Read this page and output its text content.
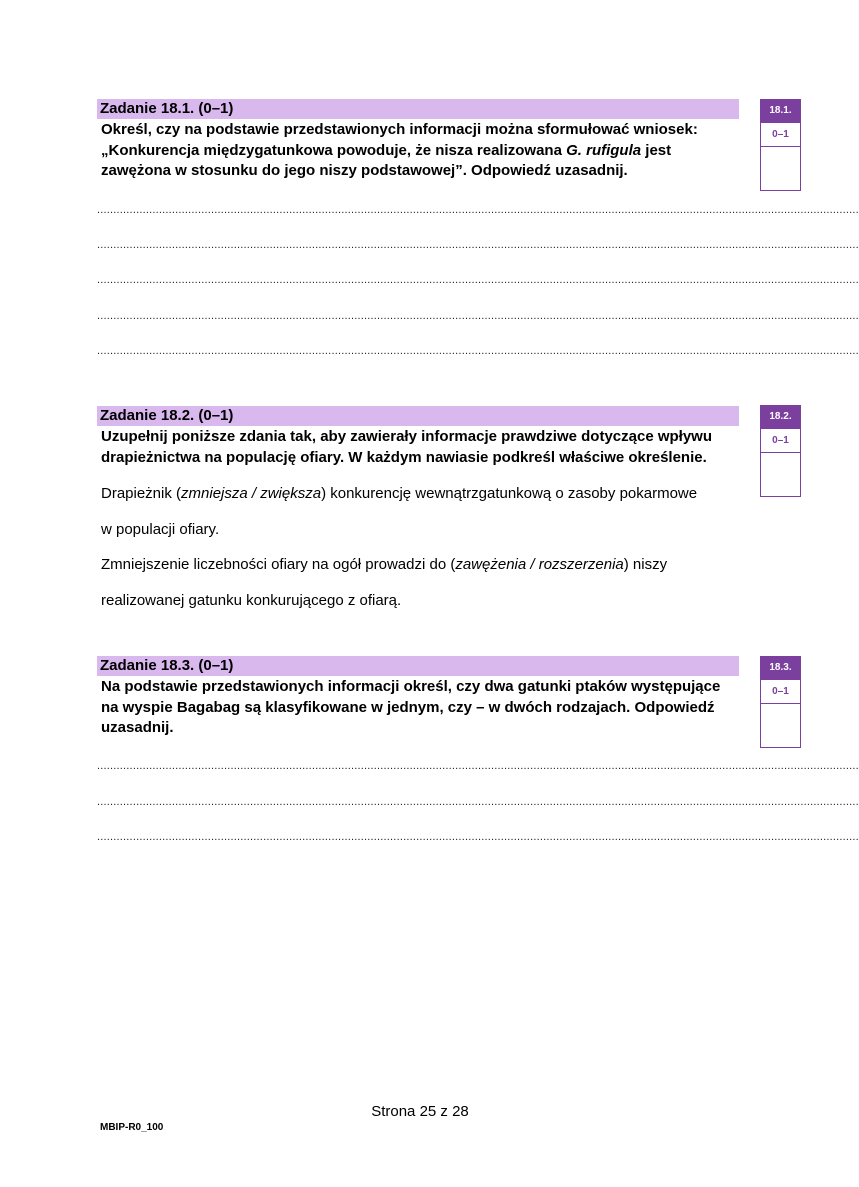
Zadanie 18.1. (0–1)
Określ, czy na podstawie przedstawionych informacji można sformułować wniosek: „Konkurencja międzygatunkowa powoduje, że nisza realizowana G. rufigula jest zawężona w stosunku do jego niszy podstawowej”. Odpowiedź uzasadnij.
..........................................................................................................................................................................................................................................
..........................................................................................................................................................................................................................................
..........................................................................................................................................................................................................................................
..........................................................................................................................................................................................................................................
..........................................................................................................................................................................................................................................
18.1.
0–1
Zadanie 18.2. (0–1)
Uzupełnij poniższe zdania tak, aby zawierały informacje prawdziwe dotyczące wpływu drapieżnictwa na populację ofiary. W każdym nawiasie podkreśl właściwe określenie.
Drapieżnik (zmniejsza / zwiększa) konkurencję wewnątrzgatunkową o zasoby pokarmowe
w populacji ofiary.
Zmniejszenie liczebności ofiary na ogół prowadzi do (zawężenia / rozszerzenia) niszy
realizowanej gatunku konkurującego z ofiarą.
18.2.
0–1
Zadanie 18.3. (0–1)
Na podstawie przedstawionych informacji określ, czy dwa gatunki ptaków występujące na wyspie Bagabag są klasyfikowane w jednym, czy – w dwóch rodzajach. Odpowiedź uzasadnij.
..........................................................................................................................................................................................................................................
..........................................................................................................................................................................................................................................
..........................................................................................................................................................................................................................................
18.3.
0–1
Strona 25 z 28
MBIP-R0_100
